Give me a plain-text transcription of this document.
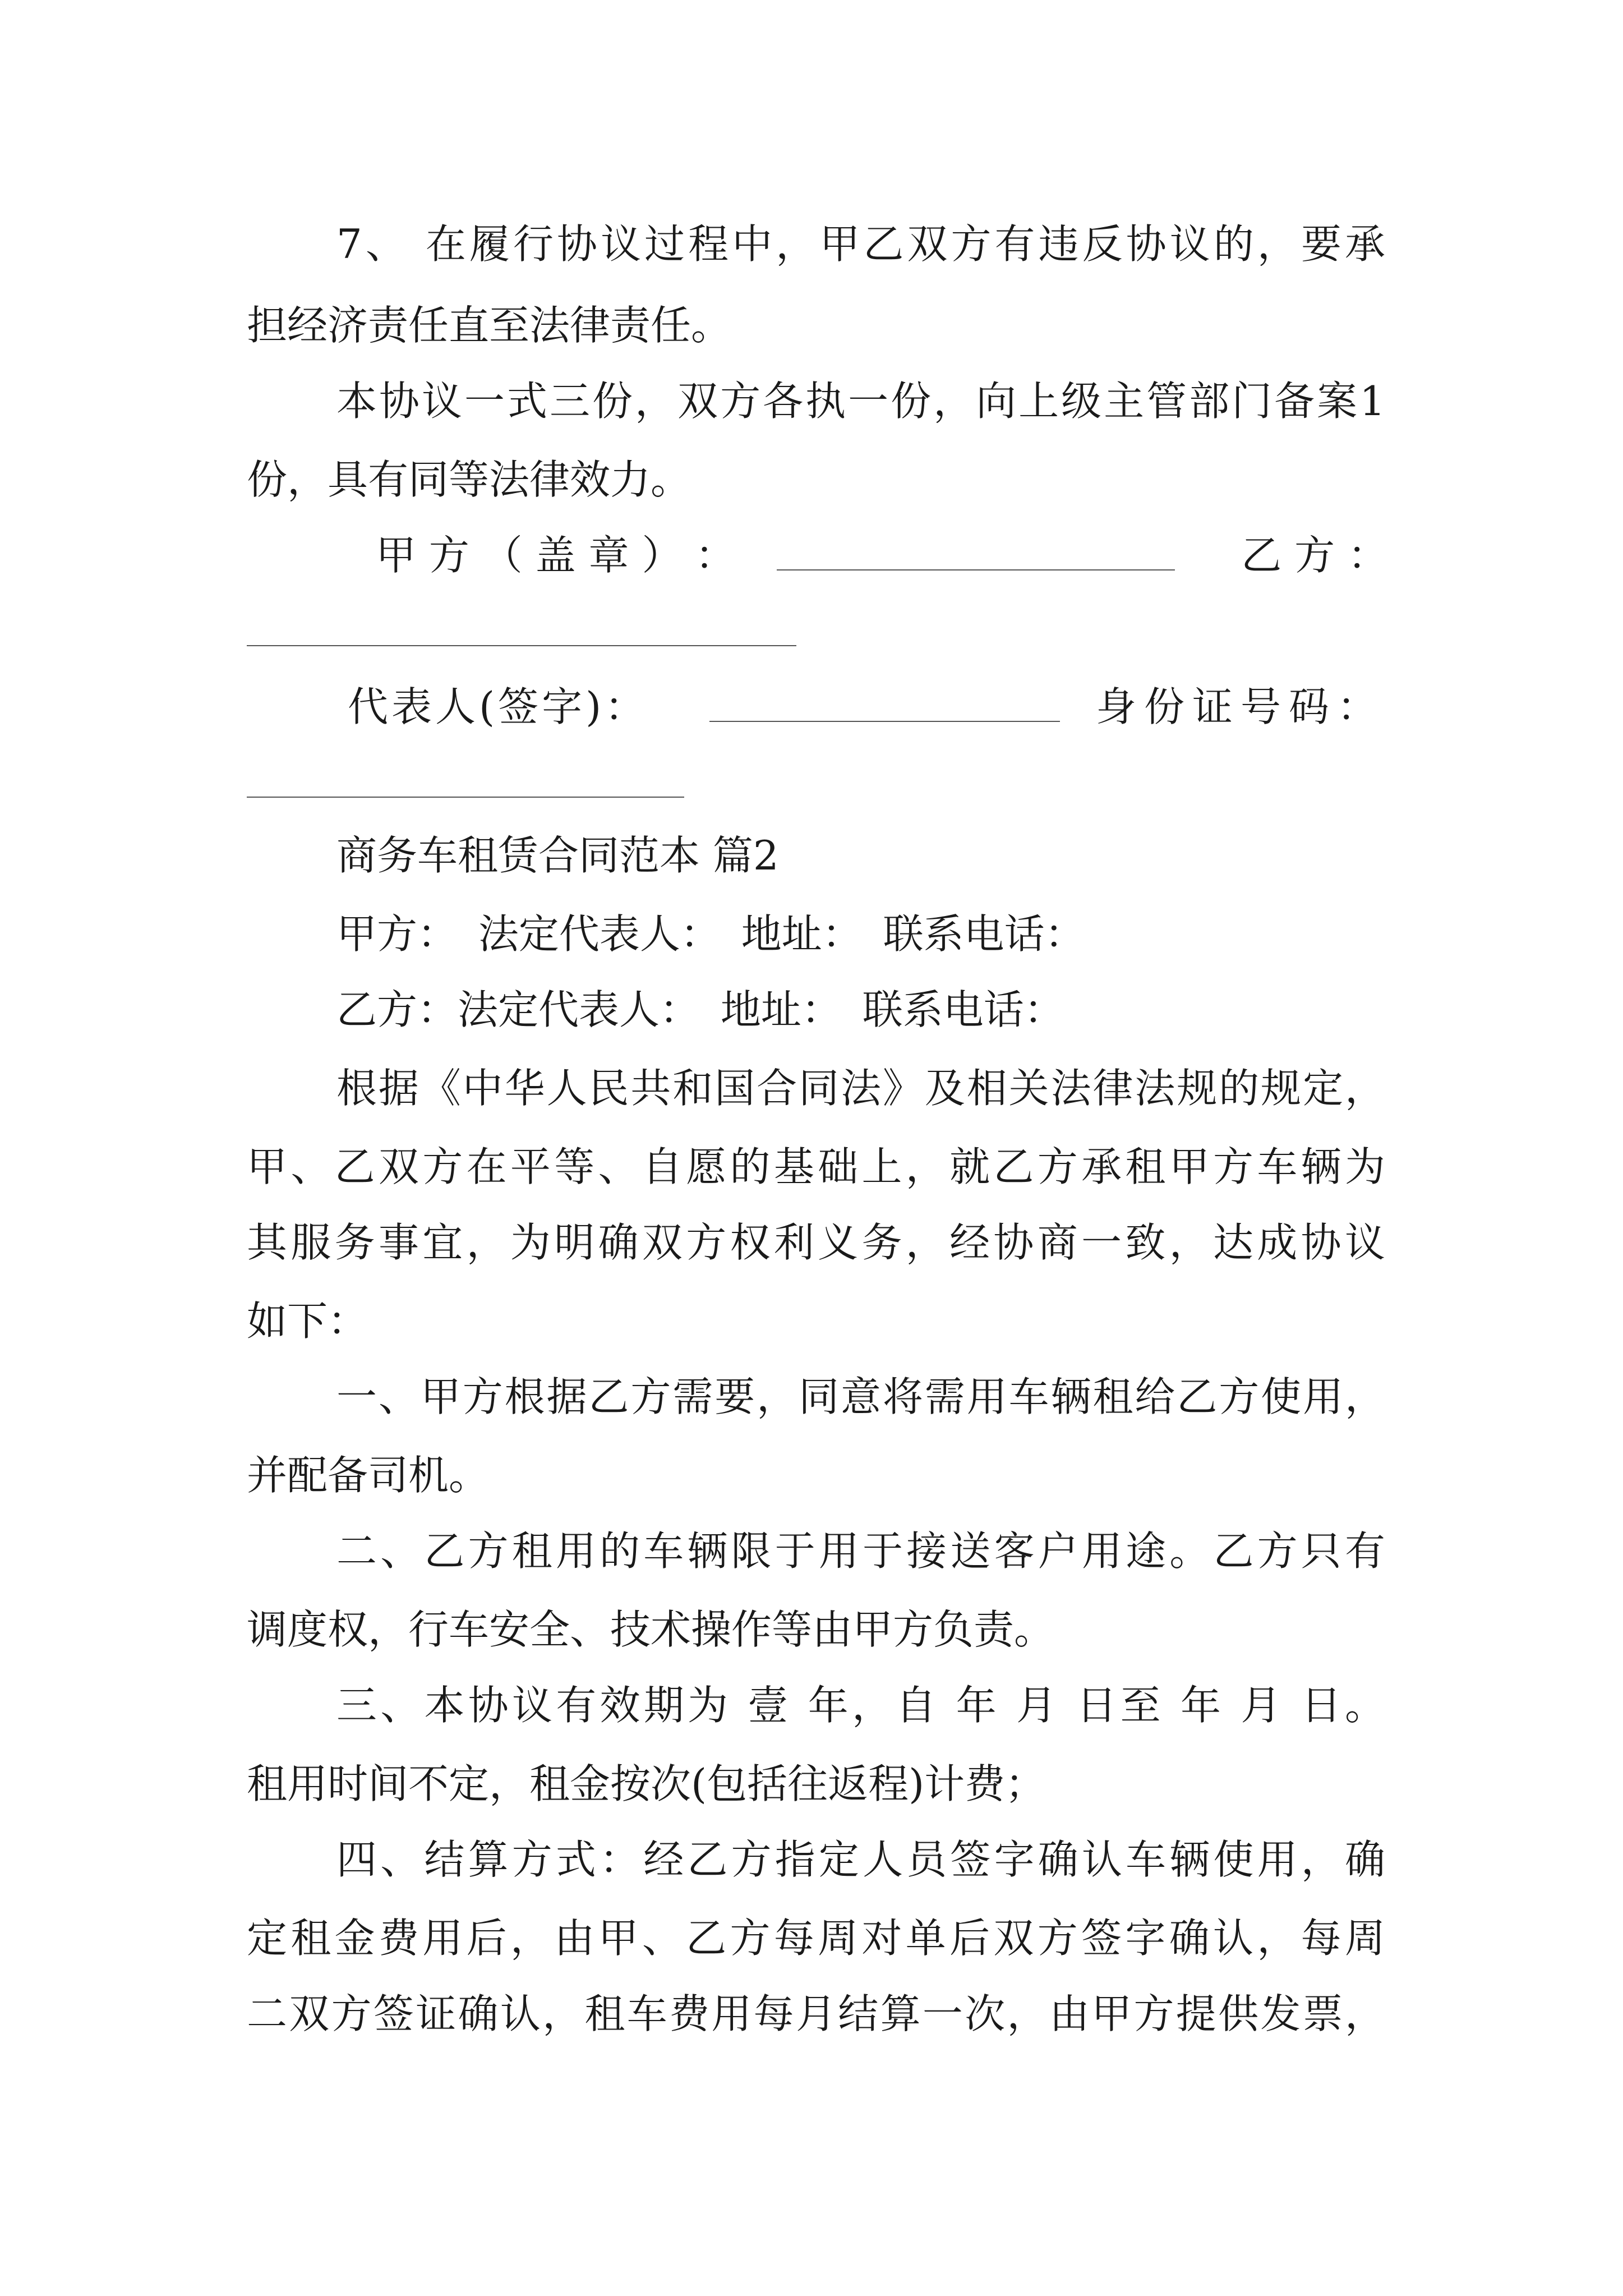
7、 在履行协议过程中，甲乙双方有违反协议的，要承
担经济责任直至法律责任。
本协议一式三份，双方各执一份，向上级主管部门备案1
份，具有同等法律效力。
甲 方 （ 盖 章 ） ：	乙 方 ：
代表人(签字)：	身份证号码：
商务车租赁合同范本 篇2
甲方： 法定代表人： 地址： 联系电话：
乙方：法定代表人： 地址： 联系电话：
根据《中华人民共和国合同法》及相关法律法规的规定，
甲、乙双方在平等、自愿的基础上，就乙方承租甲方车辆为
其服务事宜，为明确双方权利义务，经协商一致，达成协议
如下：
一、甲方根据乙方需要，同意将需用车辆租给乙方使用，
并配备司机。
二、乙方租用的车辆限于用于接送客户用途。乙方只有
调度权，行车安全、技术操作等由甲方负责。
三、本协议有效期为 壹 年，自 年 月 日至 年 月 日。
租用时间不定，租金按次(包括往返程)计费；
四、结算方式：经乙方指定人员签字确认车辆使用，确
定租金费用后，由甲、乙方每周对单后双方签字确认，每周
二双方签证确认，租车费用每月结算一次，由甲方提供发票，
